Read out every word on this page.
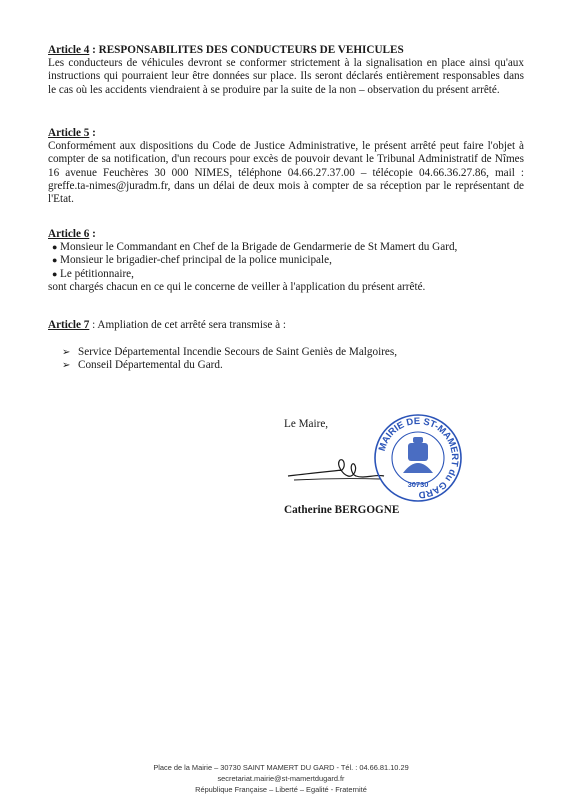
Article 4 : RESPONSABILITES DES CONDUCTEURS DE VEHICULES

Les conducteurs de véhicules devront se conformer strictement à la signalisation en place ainsi qu'aux instructions qui pourraient leur être données sur place. Ils seront déclarés entièrement responsables dans le cas où les accidents viendraient à se produire par la suite de la non – observation du présent arrêté.

Article 5 :

Conformément aux dispositions du Code de Justice Administrative, le présent arrêté peut faire l'objet à compter de sa notification, d'un recours pour excès de pouvoir devant le Tribunal Administratif de Nîmes 16 avenue Feuchères 30 000 NIMES, téléphone 04.66.27.37.00 – télécopie 04.66.36.27.86, mail : greffe.ta-nimes@juradm.fr, dans un délai de deux mois à compter de sa réception par le représentant de l'Etat.

Article 6 :
● Monsieur le Commandant en Chef de la Brigade de Gendarmerie de St Mamert du Gard,
● Monsieur le brigadier-chef principal de la police municipale,
● Le pétitionnaire,

sont chargés chacun en ce qui le concerne de veiller à l'application du présent arrêté.

Article 7 : Ampliation de cet arrêté sera transmise à :
➢ Service Départemental Incendie Secours de Saint Geniès de Malgoires,
➢ Conseil Départemental du Gard.
Le Maire,
MAIRIE DE ST-MAMERT du GARD
30730
Catherine BERGOGNE
Place de la Mairie – 30730 SAINT MAMERT DU GARD - Tél. : 04.66.81.10.29
secretariat.mairie@st-mamertdugard.fr
République Française – Liberté – Egalité - Fraternité
